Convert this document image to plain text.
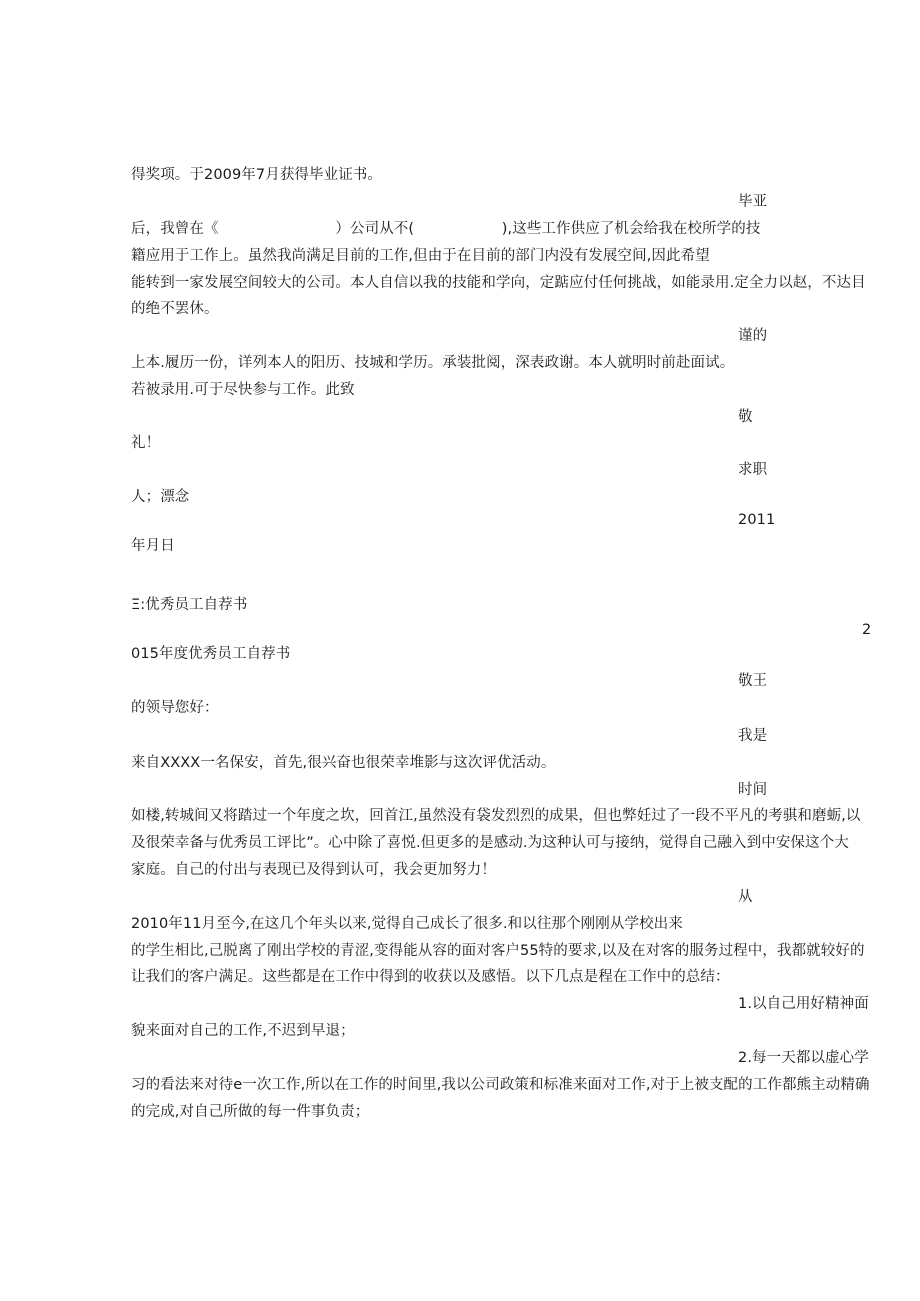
得奖项。于2009年7月获得毕业证书。
毕亚
后，我曾在《　　　　　　　　）公司从不(　　　　　　),这些工作供应了机会给我在校所学的技
籍应用于工作上。虽然我尚满足目前的工作,但由于在目前的部门内没有发展空间,因此希望
能转到一家发展空间较大的公司。本人自信以我的技能和学向，定踮应付任何挑战，如能录用.定全力以赵，不达目
的绝不罢休。
谨的
上本.履历一份，详列本人的阳历、技城和学历。承装批阅，深表政谢。本人就明时前赴面试。
若被录用.可于尽快参与工作。此致
敬
礼！
求职
人；漂念
2011
年月日
Ξ:优秀员工自荐书
2
015年度优秀员工自荐书
敬王
的领导您好：
我是
来自XXXX一名保安，首先,很兴奋也很荣幸堆影与这次评优活动。
时间
如楼,转城间又将踏过一个年度之坎，回首江,虽然没有袋发烈烈的成果，但也弊妊过了一段不平凡的考骐和磨蛎,以
及很荣幸备与优秀员工评比”。心中除了喜悦.但更多的是感动.为这种认可与接纳，觉得自己融入到中安保这个大
家庭。自己的付出与表现已及得到认可，我会更加努力！
从
2010年11月至今,在这几个年头以来,觉得自己成长了很多.和以往那个刚刚从学校出来
的学生相比,己脱离了刚出学校的青涩,变得能从容的面对客户55特的要求,以及在对客的服务过程中，我都就较好的
让我们的客户满足。这些都是在工作中得到的收获以及感悟。以下几点是程在工作中的总结：
1.以自己用好精神面
貌来面对自己的工作,不迟到早退；
2.每一天都以虚心学
习的看法来对待e一次工作,所以在工作的时间里,我以公司政策和标准来面对工作,对于上被支配的工作都熊主动精确
的完成,对自己所做的每一件事负责；
